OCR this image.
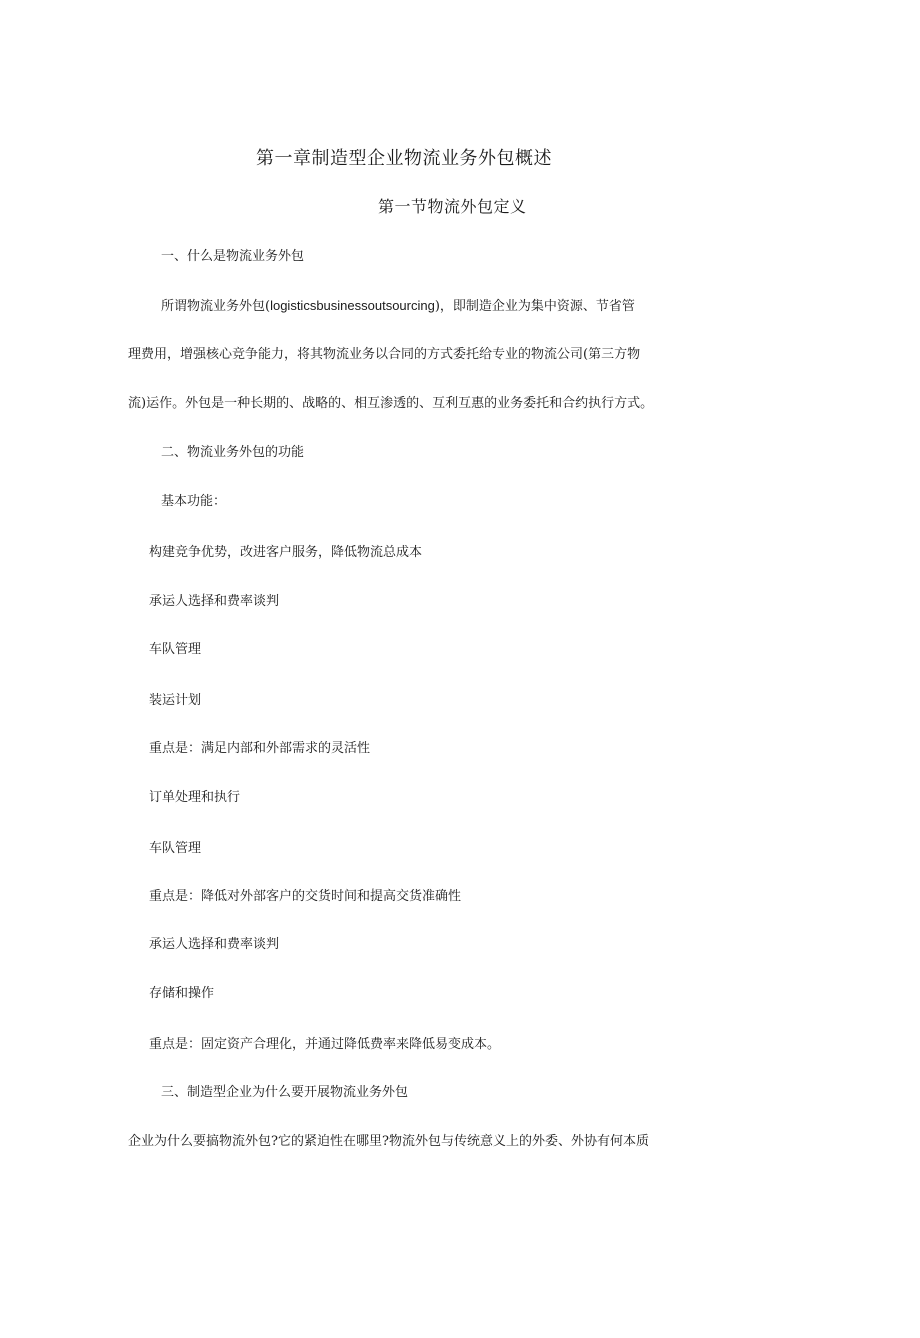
第一章制造型企业物流业务外包概述
第一节物流外包定义
一、什么是物流业务外包
所谓物流业务外包(logisticsbusinessoutsourcing)，即制造企业为集中资源、节省管
理费用，增强核心竞争能力，将其物流业务以合同的方式委托给专业的物流公司(第三方物
流)运作。外包是一种长期的、战略的、相互渗透的、互利互惠的业务委托和合约执行方式。
二、物流业务外包的功能
基本功能：
构建竞争优势，改进客户服务，降低物流总成本
承运人选择和费率谈判
车队管理
装运计划
重点是：满足内部和外部需求的灵活性
订单处理和执行
车队管理
重点是：降低对外部客户的交货时间和提高交货准确性
承运人选择和费率谈判
存储和操作
重点是：固定资产合理化，并通过降低费率来降低易变成本。
三、制造型企业为什么要开展物流业务外包
企业为什么要搞物流外包?它的紧迫性在哪里?物流外包与传统意义上的外委、外协有何本质
